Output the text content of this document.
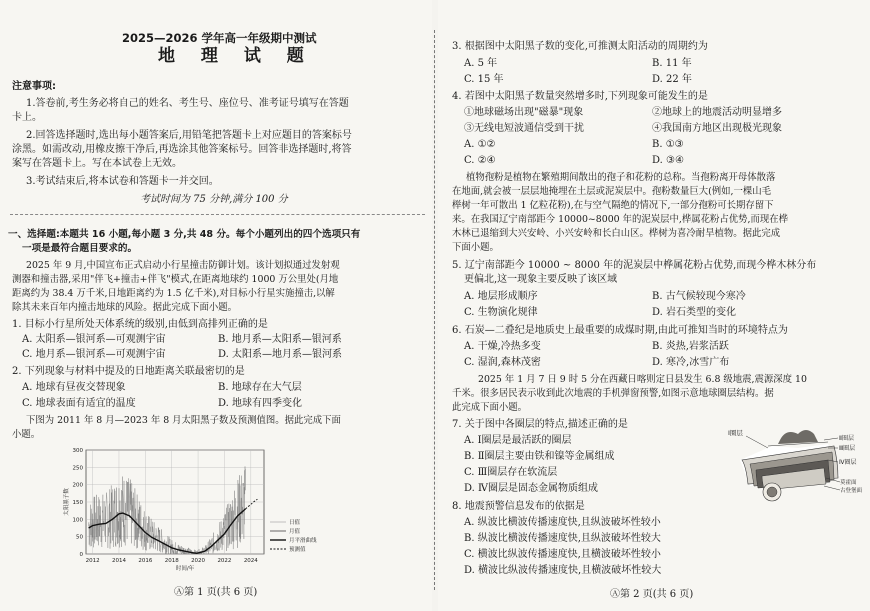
2025—2026 学年高一年级期中测试
地 理 试 题
注意事项:
1.答卷前,考生务必将自己的姓名、考生号、座位号、准考证号填写在答题
卡上。
2.回答选择题时,选出每小题答案后,用铅笔把答题卡上对应题目的答案标号
涂黑。如需改动,用橡皮擦干净后,再选涂其他答案标号。回答非选择题时,将答
案写在答题卡上。写在本试卷上无效。
3.考试结束后,将本试卷和答题卡一并交回。
考试时间为 75 分钟,满分 100 分
一、选择题:本题共 16 小题,每小题 3 分,共 48 分。每个小题列出的四个选项只有
一项是最符合题目要求的。
2025 年 9 月,中国宣布正式启动小行星撞击防御计划。该计划拟通过发射观
测器和撞击器,采用"伴飞+撞击+伴飞"模式,在距离地球约 1000 万公里处(月地
距离约为 38.4 万千米,日地距离约为 1.5 亿千米),对目标小行星实施撞击,以解
除其未来百年内撞击地球的风险。据此完成下面小题。
1. 目标小行星所处天体系统的级别,由低到高排列正确的是
A. 太阳系—银河系—可观测宇宙	B. 地月系—太阳系—银河系
C. 地月系—银河系—可观测宇宙	D. 太阳系—地月系—银河系
2. 下列现象与材料中提及的日地距离关联最密切的是
A. 地球有昼夜交替现象	B. 地球存在大气层
C. 地球表面有适宜的温度	D. 地球有四季变化
下图为 2011 年 8 月—2023 年 8 月太阳黑子数及预测值图。据此完成下面
小题。
0
50
100
150
200
250
300
2012 2014 2016 2018 2020 2022 2024
太阳黑子数
时间/年
日值
月值
月平滑曲线
预测值
Ⓐ第 1 页(共 6 页)
3. 根据图中太阳黑子数的变化,可推测太阳活动的周期约为
A. 5 年	B. 11 年
C. 15 年	D. 22 年
4. 若图中太阳黑子数量突然增多时,下列现象可能发生的是
①地球磁场出现"磁暴"现象	②地球上的地震活动明显增多
③无线电短波通信受到干扰	④我国南方地区出现极光现象
A. ①②	B. ①③
C. ②④	D. ③④
植物孢粉是植物在繁殖期间散出的孢子和花粉的总称。当孢粉离开母体散落
在地面,就会被一层层地掩埋在土层或泥炭层中。孢粉数量巨大(例如,一棵山毛
榉树一年可散出 1 亿粒花粉),在与空气隔绝的情况下,一部分孢粉可长期存留下
来。在我国辽宁南部距今 10000~8000 年的泥炭层中,桦属花粉占优势,而现在桦
木林已退缩到大兴安岭、小兴安岭和长白山区。桦树为喜冷耐旱植物。据此完成
下面小题。
5. 辽宁南部距今 10000 ~ 8000 年的泥炭层中桦属花粉占优势,而现今桦木林分布
更偏北,这一现象主要反映了该区域
A. 地层形成顺序	B. 古气候较现今寒冷
C. 生物演化规律	D. 岩石类型的变化
6. 石炭—二叠纪是地质史上最重要的成煤时期,由此可推知当时的环境特点为
A. 干燥,冷热多变	B. 炎热,岩浆活跃
C. 湿润,森林茂密	D. 寒冷,冰雪广布
2025 年 1 月 7 日 9 时 5 分在西藏日喀则定日县发生 6.8 级地震,震源深度 10
千米。很多居民表示收到此次地震的手机弹窗预警,如图示意地球圈层结构。据
此完成下面小题。
7. 关于图中各圈层的特点,描述正确的是
A. Ⅰ圈层是最活跃的圈层
B. Ⅱ圈层主要由铁和镍等金属组成
C. Ⅲ圈层存在软流层
D. Ⅳ圈层是固态金属物质组成
Ⅰ圈层
Ⅱ圈层
Ⅲ圈层
Ⅳ圈层
莫霍面
古登堡面
8. 地震预警信息发布的依据是
A. 纵波比横波传播速度快,且纵波破坏性较小
B. 纵波比横波传播速度快,且纵波破坏性较大
C. 横波比纵波传播速度快,且横波破坏性较小
D. 横波比纵波传播速度快,且横波破坏性较大
Ⓐ第 2 页(共 6 页)
